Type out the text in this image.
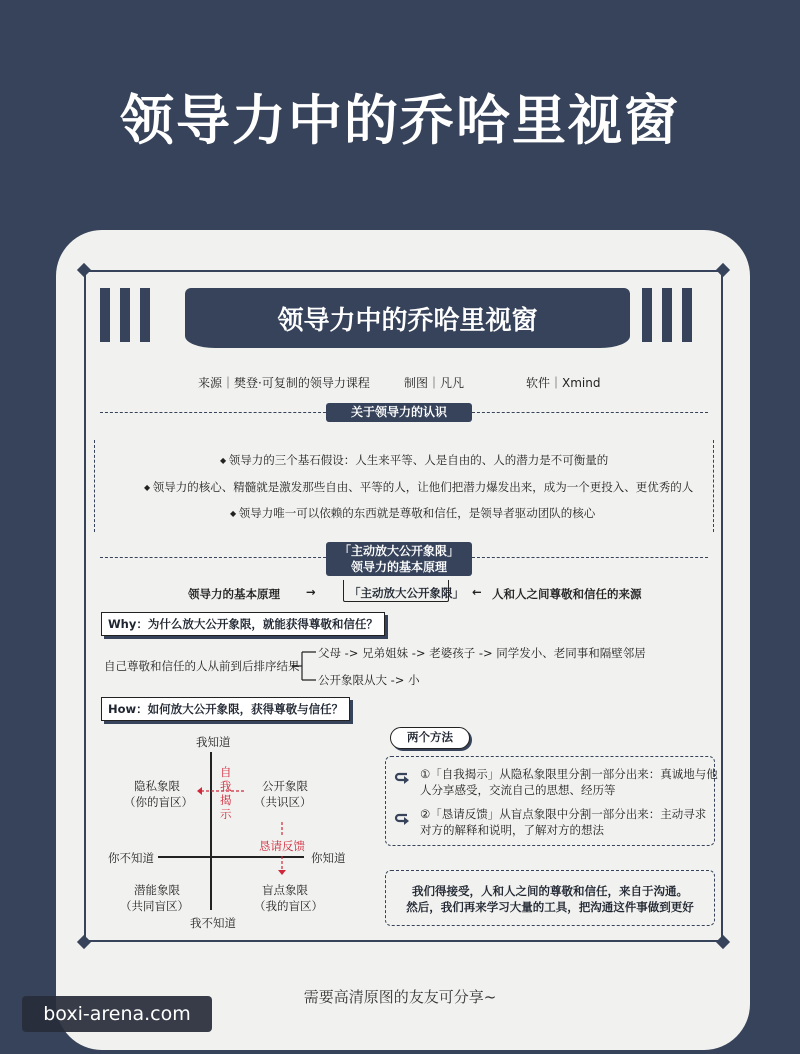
领导力中的乔哈里视窗
领导力中的乔哈里视窗
来源｜樊登·可复制的领导力课程	制图｜凡凡	软件｜Xmind
关于领导力的认识
◆ 领导力的三个基石假设：人生来平等、人是自由的、人的潜力是不可衡量的
◆ 领导力的核心、精髓就是激发那些自由、平等的人，让他们把潜力爆发出来，成为一个更投入、更优秀的人
◆ 领导力唯一可以依赖的东西就是尊敬和信任，是领导者驱动团队的核心
「主动放大公开象限」
领导力的基本原理
领导力的基本原理 →	「主动放大公开象限」 ← 人和人之间尊敬和信任的来源
Why：为什么放大公开象限，就能获得尊敬和信任？
自己尊敬和信任的人从前到后排序结果
父母 -> 兄弟姐妹 -> 老婆孩子 -> 同学发小、老同事和隔壁邻居
公开象限从大 -> 小
How：如何放大公开象限，获得尊敬与信任？
我知道
我不知道
你不知道	你知道
隐私象限
（你的盲区）
公开象限
（共识区）
潜能象限
（共同盲区）
盲点象限
（我的盲区）
自
我
揭
示
恳请反馈
两个方法
①「自我揭示」从隐私象限里分割一部分出来：真诚地与他
人分享感受，交流自己的思想、经历等
②「恳请反馈」从盲点象限中分割一部分出来：主动寻求
对方的解释和说明，了解对方的想法
我们得接受，人和人之间的尊敬和信任，来自于沟通。
然后，我们再来学习大量的工具，把沟通这件事做到更好
需要高清原图的友友可分享~
boxi-arena.com
